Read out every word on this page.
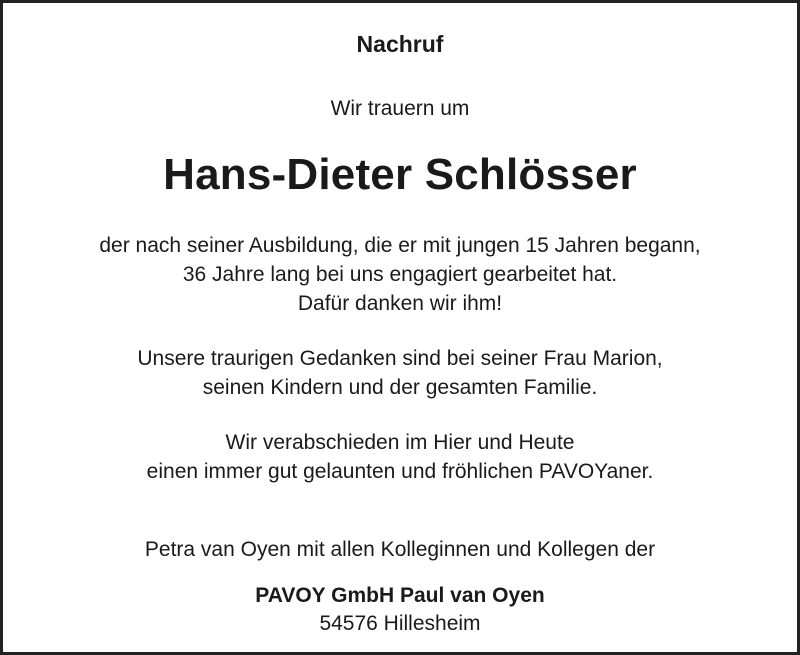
Nachruf
Wir trauern um
Hans-Dieter Schlösser
der nach seiner Ausbildung, die er mit jungen 15 Jahren begann,
36 Jahre lang bei uns engagiert gearbeitet hat.
Dafür danken wir ihm!
Unsere traurigen Gedanken sind bei seiner Frau Marion,
seinen Kindern und der gesamten Familie.
Wir verabschieden im Hier und Heute
einen immer gut gelaunten und fröhlichen PAVOYaner.
Petra van Oyen mit allen Kolleginnen und Kollegen der
PAVOY GmbH Paul van Oyen
54576 Hillesheim
